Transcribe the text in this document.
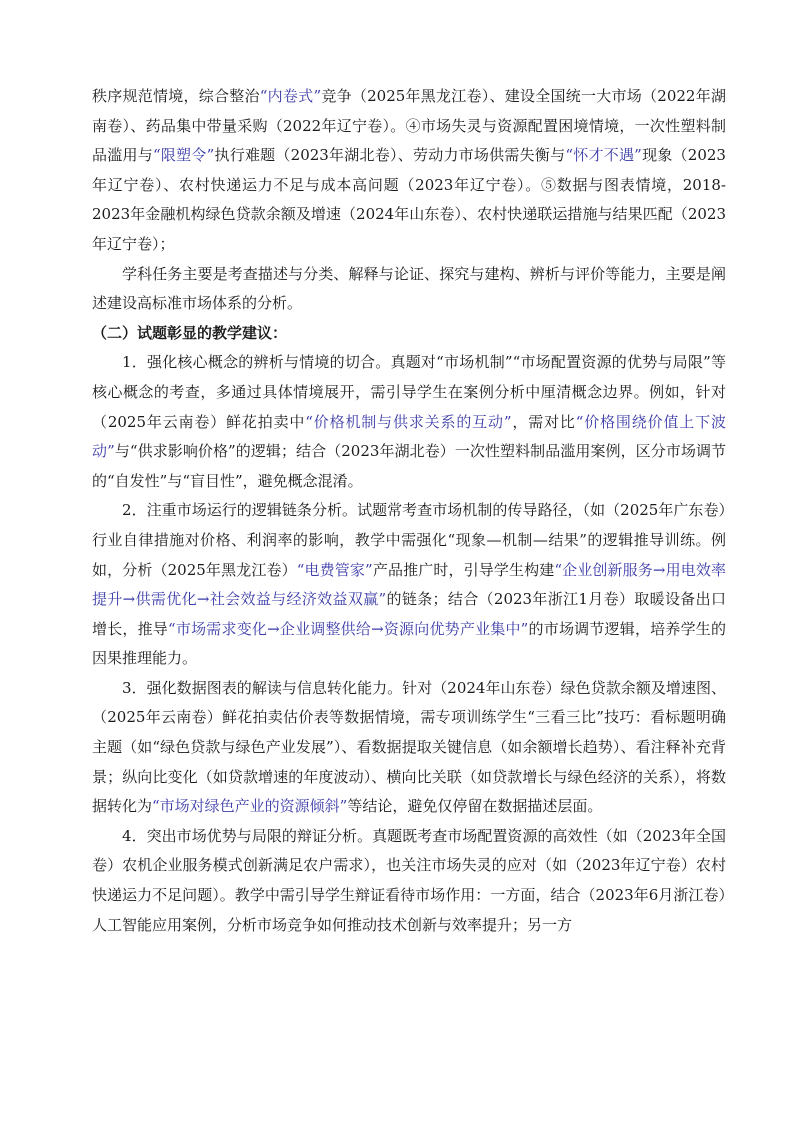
秩序规范情境，综合整治“内卷式”竞争（2025年黑龙江卷）、建设全国统一大市场（2022年湖南卷）、药品集中带量采购（2022年辽宁卷）。④市场失灵与资源配置困境情境，一次性塑料制品滥用与“限塑令”执行难题（2023年湖北卷）、劳动力市场供需失衡与“怀才不遇”现象（2023年辽宁卷）、农村快递运力不足与成本高问题（2023年辽宁卷）。⑤数据与图表情境，2018-2023年金融机构绿色贷款余额及增速（2024年山东卷）、农村快递联运措施与结果匹配（2023年辽宁卷）；

学科任务主要是考查描述与分类、解释与论证、探究与建构、辨析与评价等能力，主要是阐述建设高标准市场体系的分析。

（二）试题彰显的教学建议：

1．强化核心概念的辨析与情境的切合。真题对“市场机制”“市场配置资源的优势与局限”等核心概念的考查，多通过具体情境展开，需引导学生在案例分析中厘清概念边界。例如，针对（2025年云南卷）鲜花拍卖中“价格机制与供求关系的互动”，需对比“价格围绕价值上下波动”与“供求影响价格”的逻辑；结合（2023年湖北卷）一次性塑料制品滥用案例，区分市场调节的“自发性”与“盲目性”，避免概念混淆。

2．注重市场运行的逻辑链条分析。试题常考查市场机制的传导路径，（如（2025年广东卷）行业自律措施对价格、利润率的影响，教学中需强化“现象—机制—结果”的逻辑推导训练。例如，分析（2025年黑龙江卷）“电费管家”产品推广时，引导学生构建“企业创新服务→用电效率提升→供需优化→社会效益与经济效益双赢”的链条；结合（2023年浙江1月卷）取暖设备出口增长，推导“市场需求变化→企业调整供给→资源向优势产业集中”的市场调节逻辑，培养学生的因果推理能力。

3．强化数据图表的解读与信息转化能力。针对（2024年山东卷）绿色贷款余额及增速图、（2025年云南卷）鲜花拍卖估价表等数据情境，需专项训练学生“三看三比”技巧：看标题明确主题（如“绿色贷款与绿色产业发展”）、看数据提取关键信息（如余额增长趋势）、看注释补充背景；纵向比变化（如贷款增速的年度波动）、横向比关联（如贷款增长与绿色经济的关系），将数据转化为“市场对绿色产业的资源倾斜”等结论，避免仅停留在数据描述层面。

4．突出市场优势与局限的辩证分析。真题既考查市场配置资源的高效性（如（2023年全国卷）农机企业服务模式创新满足农户需求），也关注市场失灵的应对（如（2023年辽宁卷）农村快递运力不足问题）。教学中需引导学生辩证看待市场作用：一方面，结合（2023年6月浙江卷）人工智能应用案例，分析市场竞争如何推动技术创新与效率提升；另一方
